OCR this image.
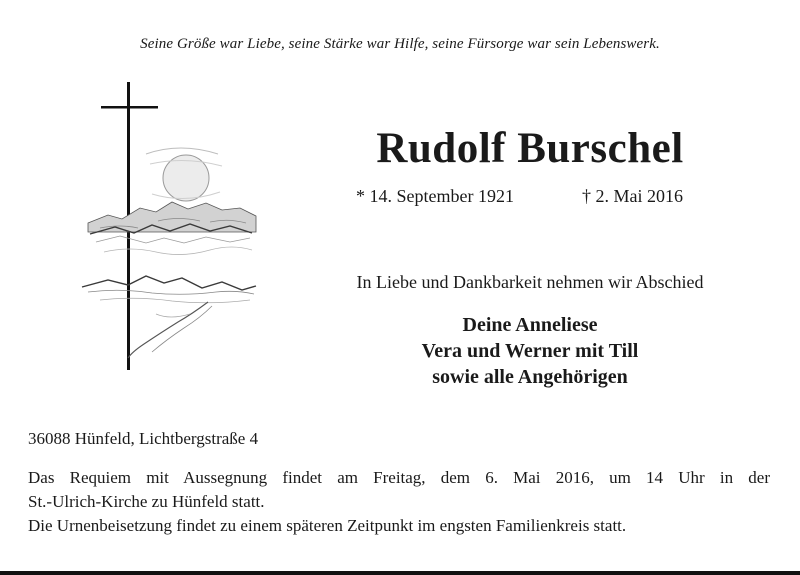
Seine Größe war Liebe, seine Stärke war Hilfe, seine Fürsorge war sein Lebenswerk.
Rudolf Burschel
* 14. September 1921	† 2. Mai 2016
In Liebe und Dankbarkeit nehmen wir Abschied
Deine Anneliese
Vera und Werner mit Till
sowie alle Angehörigen
36088 Hünfeld, Lichtbergstraße 4

Das Requiem mit Aussegnung findet am Freitag, dem 6. Mai 2016, um 14 Uhr in der

St.-Ulrich-Kirche zu Hünfeld statt.

Die Urnenbeisetzung findet zu einem späteren Zeitpunkt im engsten Familienkreis statt.
